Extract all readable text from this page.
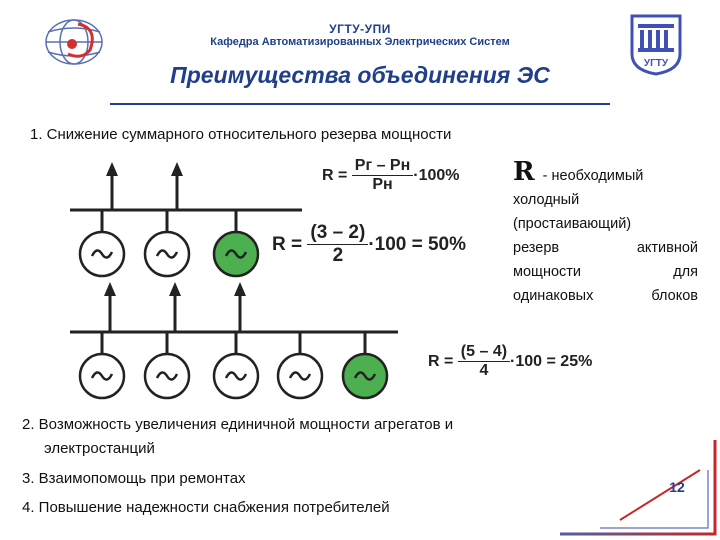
УГТУ
УГТУ-УПИ
Кафедра Автоматизированных Электрических Систем
Преимущества объединения ЭС
1. Снижение суммарного относительного резерва мощности
R =
$\frac{Рг - Рн}{Рн} \cdot 100\%$
R =
$\frac{(3 - 2)}{2} \cdot 100 = 50\%$
R =
$\frac{(5 - 4)}{4} \cdot 100 = 25\%$
R - необходимый
холодный
(простаивающий)
резерв	активной
мощности	для
одинаковых	блоков
2. Возможность увеличения единичной мощности агрегатов и
электростанций
3. Взаимопомощь при ремонтах
4. Повышение надежности снабжения потребителей
12
